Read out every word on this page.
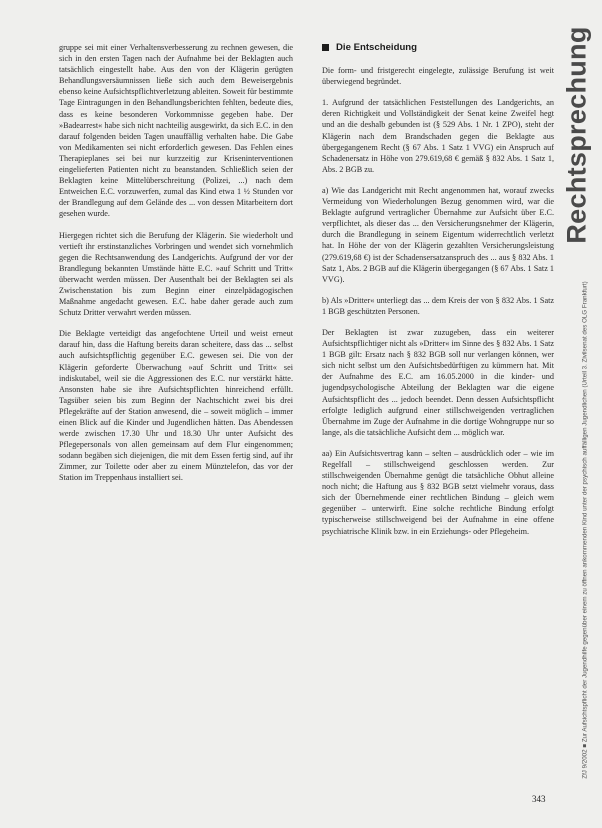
gruppe sei mit einer Verhaltensverbesserung zu rechnen gewesen, die sich in den ersten Tagen nach der Aufnahme bei der Beklagten auch tatsächlich eingestellt habe. Aus den von der Klägerin gerügten Behandlungsversäumnissen ließe sich auch dem Beweisergebnis ebenso keine Aufsichtspflichtverletzung ableiten. Soweit für bestimmte Tage Eintragungen in den Behandlungsberichten fehlten, bedeute dies, dass es keine besonderen Vorkommnisse gegeben habe. Der »Badearrest« habe sich nicht nachteilig ausgewirkt, da sich E.C. in den darauf folgenden beiden Tagen unauffällig verhalten habe. Die Gabe von Medikamenten sei nicht erforderlich gewesen. Das Fehlen eines Therapieplanes sei bei nur kurzzeitig zur Kriseninterventionen eingelieferten Patienten nicht zu beanstanden. Schließlich seien der Beklagten keine Mittelüberschreitung (Polizei, ...) nach dem Entweichen E.C. vorzuwerfen, zumal das Kind etwa 1 ½ Stunden vor der Brandlegung auf dem Gelände des ... von dessen Mitarbeitern dort gesehen wurde.

Hiergegen richtet sich die Berufung der Klägerin. Sie wiederholt und vertieft ihr erstinstanzliches Vorbringen und wendet sich vornehmlich gegen die Rechtsanwendung des Landgerichts. Aufgrund der vor der Brandlegung bekannten Umstände hätte E.C. »auf Schritt und Tritt« überwacht werden müssen. Der Ausenthalt bei der Beklagten sei als Zwischenstation bis zum Beginn einer einzelpädagogischen Maßnahme angedacht gewesen. E.C. habe daher gerade auch zum Schutz Dritter verwahrt werden müssen.

Die Beklagte verteidigt das angefochtene Urteil und weist erneut darauf hin, dass die Haftung bereits daran scheitere, dass das ... selbst auch aufsichtspflichtig gegenüber E.C. gewesen sei. Die von der Klägerin geforderte Überwachung »auf Schritt und Tritt« sei indiskutabel, weil sie die Aggressionen des E.C. nur verstärkt hätte. Ansonsten habe sie ihre Aufsichtspflichten hinreichend erfüllt. Tagsüber seien bis zum Beginn der Nachtschicht zwei bis drei Pflegekräfte auf der Station anwesend, die – soweit möglich – immer einen Blick auf die Kinder und Jugendlichen hätten. Das Abendessen werde zwischen 17.30 Uhr und 18.30 Uhr unter Aufsicht des Pflegepersonals von allen gemeinsam auf dem Flur eingenommen; sodann begäben sich diejenigen, die mit dem Essen fertig sind, auf ihr Zimmer, zur Toilette oder aber zu einem Münztelefon, das vor der Station im Treppenhaus installiert sei.

Die Entscheidung

Die form- und fristgerecht eingelegte, zulässige Berufung ist weit überwiegend begründet.

1. Aufgrund der tatsächlichen Feststellungen des Landgerichts, an deren Richtigkeit und Vollständigkeit der Senat keine Zweifel hegt und an die deshalb gebunden ist (§ 529 Abs. 1 Nr. 1 ZPO), steht der Klägerin nach dem Brandschaden gegen die Beklagte aus übergegangenem Recht (§ 67 Abs. 1 Satz 1 VVG) ein Anspruch auf Schadenersatz in Höhe von 279.619,68 € gemäß § 832 Abs. 1 Satz 1, Abs. 2 BGB zu.

a) Wie das Landgericht mit Recht angenommen hat, worauf zwecks Vermeidung von Wiederholungen Bezug genommen wird, war die Beklagte aufgrund vertraglicher Übernahme zur Aufsicht über E.C. verpflichtet, als dieser das ... den Versicherungsnehmer der Klägerin, durch die Brandlegung in seinem Eigentum widerrechtlich verletzt hat. In Höhe der von der Klägerin gezahlten Versicherungsleistung (279.619,68 €) ist der Schadensersatzanspruch des ... aus § 832 Abs. 1 Satz 1, Abs. 2 BGB auf die Klägerin übergegangen (§ 67 Abs. 1 Satz 1 VVG).

b) Als »Dritter« unterliegt das ... dem Kreis der von § 832 Abs. 1 Satz 1 BGB geschützten Personen.

Der Beklagten ist zwar zuzugeben, dass ein weiterer Aufsichtspflichtiger nicht als »Dritter« im Sinne des § 832 Abs. 1 Satz 1 BGB gilt: Ersatz nach § 832 BGB soll nur verlangen können, wer sich nicht selbst um den Aufsichtsbedürftigen zu kümmern hat. Mit der Aufnahme des E.C. am 16.05.2000 in die kinder- und jugendpsychologische Abteilung der Beklagten war die eigene Aufsichtspflicht des ... jedoch beendet. Denn dessen Aufsichtspflicht erfolgte lediglich aufgrund einer stillschweigenden vertraglichen Übernahme im Zuge der Aufnahme in die dortige Wohngruppe nur so lange, als die tatsächliche Aufsicht dem ... möglich war.

aa) Ein Aufsichtsvertrag kann – selten – ausdrücklich oder – wie im Regelfall – stillschweigend geschlossen werden. Zur stillschweigenden Übernahme genügt die tatsächliche Obhut alleine noch nicht; die Haftung aus § 832 BGB setzt vielmehr voraus, dass sich der Übernehmende einer rechtlichen Bindung – gleich wem gegenüber – unterwirft. Eine solche rechtliche Bindung erfolgt typischerweise stillschweigend bei der Aufnahme in eine offene psychiatrische Klinik bzw. in ein Erziehungs- oder Pflegeheim.

Rechtsprechung
ZfJ 9/2002 ■ Zur Aufsichtspflicht der Jugendhilfe gegenüber einem zu öffnen ankommenden Kind unter der psychisch auffälligen Jugendlichen (Urteil 3. Zivilsenat des OLG Frankfurt)
343
